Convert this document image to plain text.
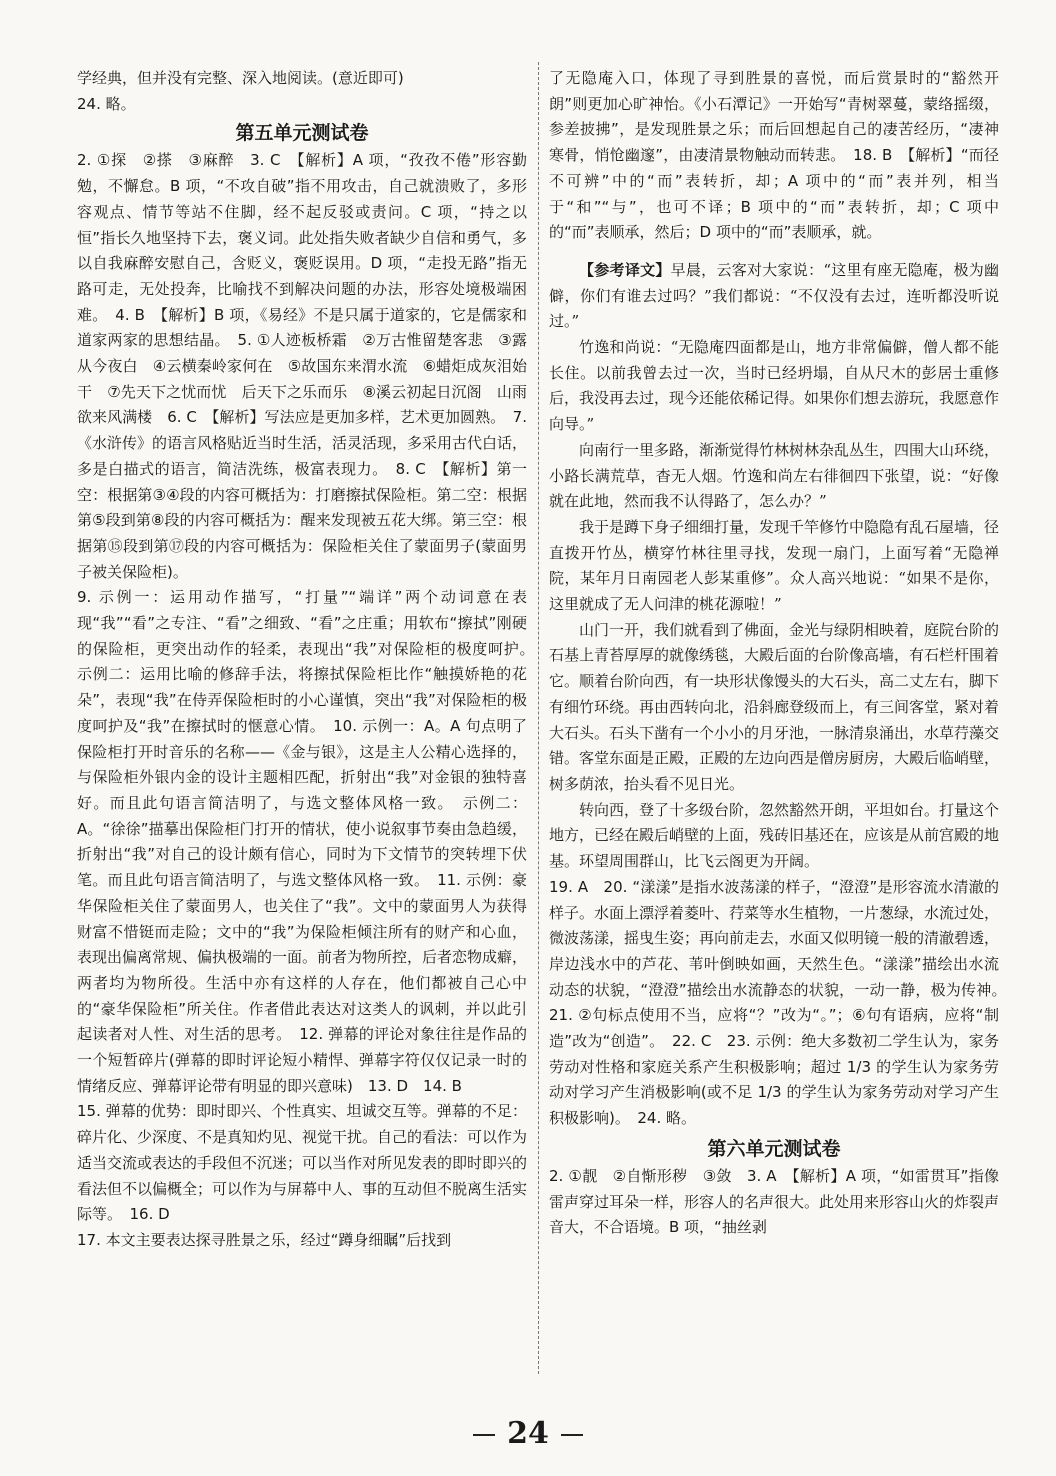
学经典，但并没有完整、深入地阅读。(意近即可)

24. 略。

第五单元测试卷

2. ①探　②搽　③麻醉　3. C　【解析】A 项，“孜孜不倦”形容勤勉，不懈怠。B 项，“不攻自破”指不用攻击，自己就溃败了，多形容观点、情节等站不住脚，经不起反驳或责问。C 项，“持之以恒”指长久地坚持下去，褒义词。此处指失败者缺少自信和勇气，多以自我麻醉安慰自己，含贬义，褒贬误用。D 项，“走投无路”指无路可走，无处投奔，比喻找不到解决问题的办法，形容处境极端困难。　4. B　【解析】B 项，《易经》不是只属于道家的，它是儒家和道家两家的思想结晶。　5. ①人迹板桥霜　②万古惟留楚客悲　③露从今夜白　④云横秦岭家何在　⑤故国东来渭水流　⑥蜡炬成灰泪始干　⑦先天下之忧而忧　后天下之乐而乐　⑧溪云初起日沉阁　山雨欲来风满楼　6. C　【解析】写法应是更加多样，艺术更加圆熟。　7.《水浒传》的语言风格贴近当时生活，活灵活现，多采用古代白话，多是白描式的语言，简洁洗练，极富表现力。　8. C　【解析】第一空：根据第③④段的内容可概括为：打磨擦拭保险柜。第二空：根据第⑤段到第⑧段的内容可概括为：醒来发现被五花大绑。第三空：根据第⑮段到第⑰段的内容可概括为：保险柜关住了蒙面男子(蒙面男子被关保险柜)。

9. 示例一：运用动作描写，“打量”“端详”两个动词意在表现“我”“看”之专注、“看”之细致、“看”之庄重；用软布“擦拭”刚硬的保险柜，更突出动作的轻柔，表现出“我”对保险柜的极度呵护。　示例二：运用比喻的修辞手法，将擦拭保险柜比作“触摸娇艳的花朵”，表现“我”在侍弄保险柜时的小心谨慎，突出“我”对保险柜的极度呵护及“我”在擦拭时的惬意心情。　10. 示例一：A。A 句点明了保险柜打开时音乐的名称——《金与银》，这是主人公精心选择的，与保险柜外银内金的设计主题相匹配，折射出“我”对金银的独特喜好。而且此句语言简洁明了，与选文整体风格一致。　示例二：A。“徐徐”描摹出保险柜门打开的情状，使小说叙事节奏由急趋缓，折射出“我”对自己的设计颇有信心，同时为下文情节的突转埋下伏笔。而且此句语言简洁明了，与选文整体风格一致。　11. 示例：豪华保险柜关住了蒙面男人，也关住了“我”。文中的蒙面男人为获得财富不惜铤而走险；文中的“我”为保险柜倾注所有的财产和心血，表现出偏离常规、偏执极端的一面。前者为物所控，后者恋物成癖，两者均为物所役。生活中亦有这样的人存在，他们都被自己心中的“豪华保险柜”所关住。作者借此表达对这类人的讽刺，并以此引起读者对人性、对生活的思考。　12. 弹幕的评论对象往往是作品的一个短暂碎片(弹幕的即时评论短小精悍、弹幕字符仅仅记录一时的情绪反应、弹幕评论带有明显的即兴意味)　13. D　14. B

15. 弹幕的优势：即时即兴、个性真实、坦诚交互等。弹幕的不足：碎片化、少深度、不是真知灼见、视觉干扰。自己的看法：可以作为适当交流或表达的手段但不沉迷；可以当作对所见发表的即时即兴的看法但不以偏概全；可以作为与屏幕中人、事的互动但不脱离生活实际等。　16. D

17. 本文主要表达探寻胜景之乐，经过“蹲身细瞩”后找到

了无隐庵入口，体现了寻到胜景的喜悦，而后赏景时的“豁然开朗”则更加心旷神怡。《小石潭记》一开始写“青树翠蔓，蒙络摇缀，参差披拂”，是发现胜景之乐；而后回想起自己的凄苦经历，“凄神寒骨，悄怆幽邃”，由凄清景物触动而转悲。　18. B　【解析】“而径不可辨”中的“而”表转折，却；A 项中的“而”表并列，相当于“和”“与”，也可不译；B 项中的“而”表转折，却；C 项中的“而”表顺承，然后；D 项中的“而”表顺承，就。

【参考译文】早晨，云客对大家说：“这里有座无隐庵，极为幽僻，你们有谁去过吗？”我们都说：“不仅没有去过，连听都没听说过。”

竹逸和尚说：“无隐庵四面都是山，地方非常偏僻，僧人都不能长住。以前我曾去过一次，当时已经坍塌，自从尺木的彭居士重修后，我没再去过，现今还能依稀记得。如果你们想去游玩，我愿意作向导。”

向南行一里多路，渐渐觉得竹林树林杂乱丛生，四围大山环绕，小路长满荒草，杳无人烟。竹逸和尚左右徘徊四下张望，说：“好像就在此地，然而我不认得路了，怎么办？”

我于是蹲下身子细细打量，发现千竿修竹中隐隐有乱石屋墙，径直拨开竹丛，横穿竹林往里寻找，发现一扇门，上面写着“无隐禅院，某年月日南园老人彭某重修”。众人高兴地说：“如果不是你，这里就成了无人问津的桃花源啦！”

山门一开，我们就看到了佛面，金光与绿阴相映着，庭院台阶的石基上青苔厚厚的就像绣毯，大殿后面的台阶像高墙，有石栏杆围着它。顺着台阶向西，有一块形状像馒头的大石头，高二丈左右，脚下有细竹环绕。再由西转向北，沿斜廊登级而上，有三间客堂，紧对着大石头。石头下凿有一个小小的月牙池，一脉清泉涌出，水草荇藻交错。客堂东面是正殿，正殿的左边向西是僧房厨房，大殿后临峭壁，树多荫浓，抬头看不见日光。

转向西，登了十多级台阶，忽然豁然开朗，平坦如台。打量这个地方，已经在殿后峭壁的上面，残砖旧基还在，应该是从前宫殿的地基。环望周围群山，比飞云阁更为开阔。

19. A　20. “漾漾”是指水波荡漾的样子，“澄澄”是形容流水清澈的样子。水面上漂浮着菱叶、荇菜等水生植物，一片葱绿，水流过处，微波荡漾，摇曳生姿；再向前走去，水面又似明镜一般的清澈碧透，岸边浅水中的芦花、苇叶倒映如画，天然生色。“漾漾”描绘出水流动态的状貌，“澄澄”描绘出水流静态的状貌，一动一静，极为传神。　21. ②句标点使用不当，应将“？”改为“。”；⑥句有语病，应将“制造”改为“创造”。　22. C　23. 示例：绝大多数初二学生认为，家务劳动对性格和家庭关系产生积极影响；超过 1/3 的学生认为家务劳动对学习产生消极影响(或不足 1/3 的学生认为家务劳动对学习产生积极影响)。　24. 略。

第六单元测试卷

2. ①靓　②自惭形秽　③敛　3. A　【解析】A 项，“如雷贯耳”指像雷声穿过耳朵一样，形容人的名声很大。此处用来形容山火的炸裂声音大，不合语境。B 项，“抽丝剥

24
